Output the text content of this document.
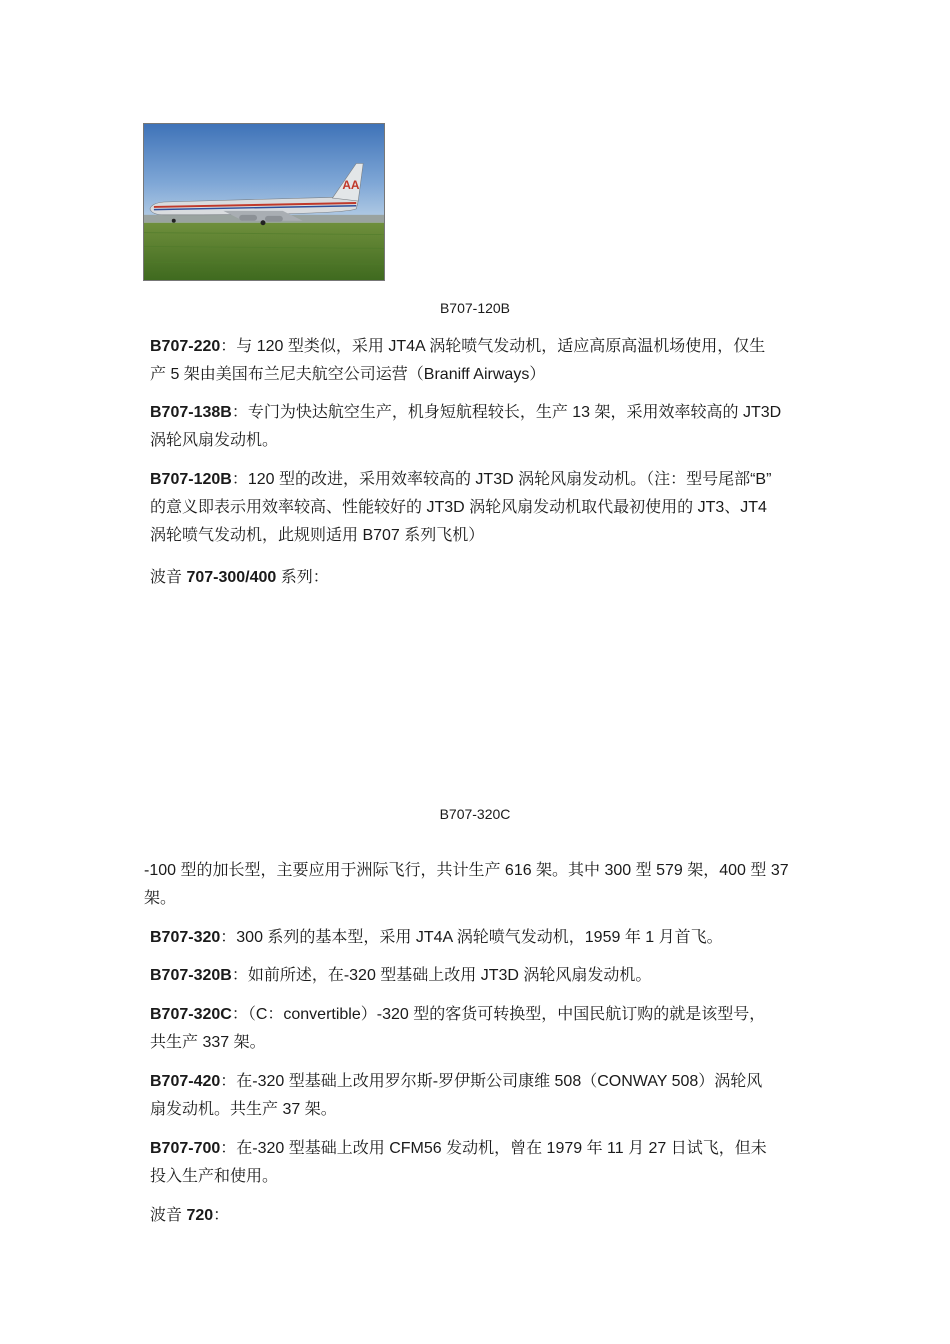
AA
B707-120B

B707-220：与 120 型类似，采用 JT4A 涡轮喷气发动机，适应高原高温机场使用，仅生
产 5 架由美国布兰尼夫航空公司运营（Braniff Airways）

B707-138B：专门为快达航空生产，机身短航程较长，生产 13 架，采用效率较高的 JT3D
涡轮风扇发动机。

B707-120B：120 型的改进，采用效率较高的 JT3D 涡轮风扇发动机。（注：型号尾部“B”
的意义即表示用效率较高、性能较好的 JT3D 涡轮风扇发动机取代最初使用的 JT3、JT4
涡轮喷气发动机，此规则适用 B707 系列飞机）

波音 707-300/400 系列：

B707-320C

-100 型的加长型，主要应用于洲际飞行，共计生产 616 架。其中 300 型 579 架，400 型 37
架。

B707-320：300 系列的基本型，采用 JT4A 涡轮喷气发动机，1959 年 1 月首飞。

B707-320B：如前所述，在-320 型基础上改用 JT3D 涡轮风扇发动机。

B707-320C：（C：convertible）-320 型的客货可转换型，中国民航订购的就是该型号，
共生产 337 架。

B707-420：在-320 型基础上改用罗尔斯-罗伊斯公司康维 508（CONWAY 508）涡轮风
扇发动机。共生产 37 架。

B707-700：在-320 型基础上改用 CFM56 发动机，曾在 1979 年 11 月 27 日试飞，但未
投入生产和使用。

波音 720：
